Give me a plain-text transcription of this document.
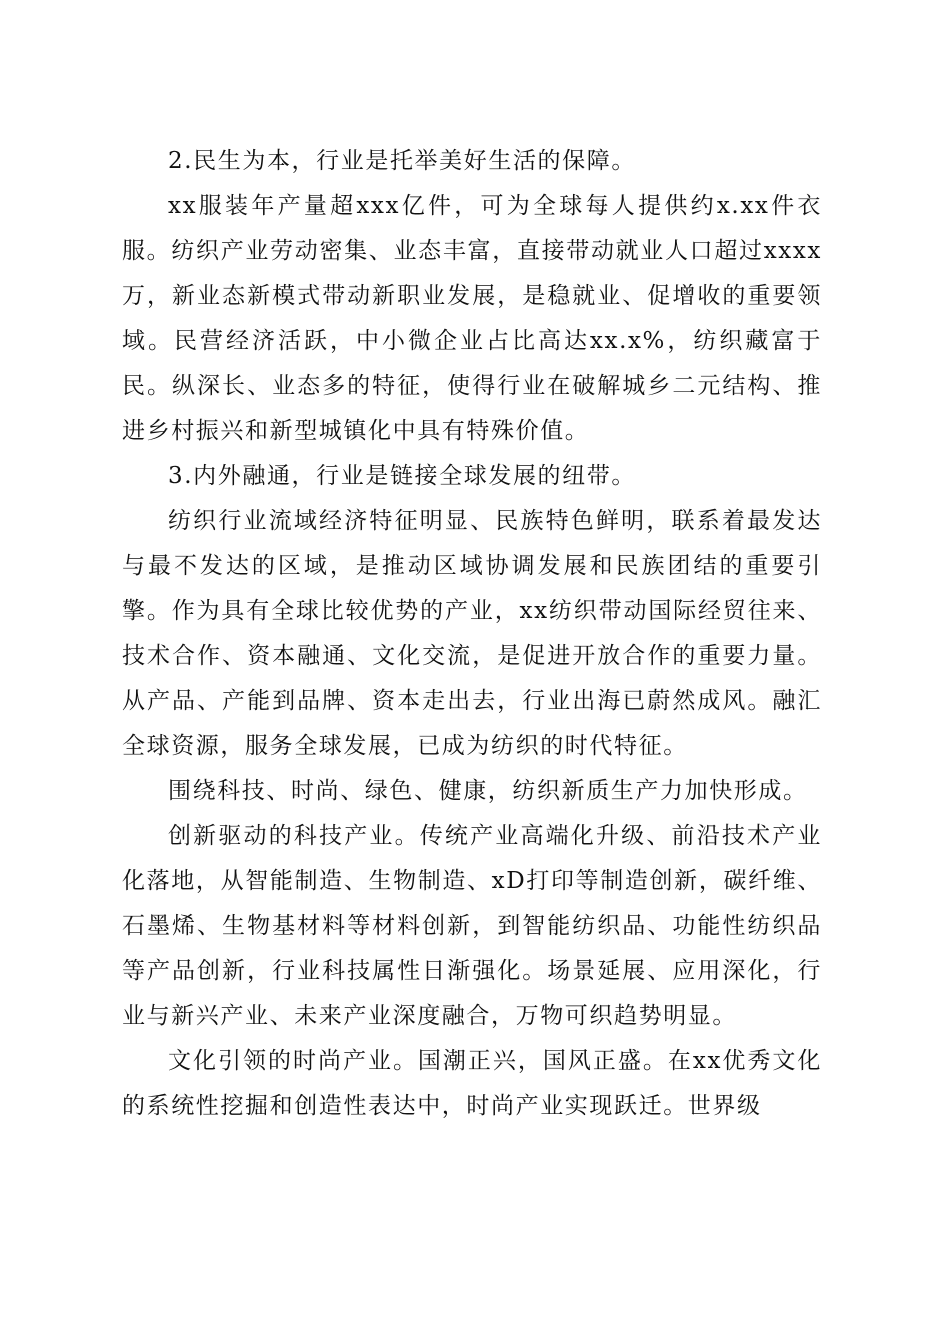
2.民生为本，行业是托举美好生活的保障。

xx服装年产量超xxx亿件，可为全球每人提供约x.xx件衣服。纺织产业劳动密集、业态丰富，直接带动就业人口超过xxxx万，新业态新模式带动新职业发展，是稳就业、促增收的重要领域。民营经济活跃，中小微企业占比高达xx.x%，纺织藏富于民。纵深长、业态多的特征，使得行业在破解城乡二元结构、推进乡村振兴和新型城镇化中具有特殊价值。

3.内外融通，行业是链接全球发展的纽带。

纺织行业流域经济特征明显、民族特色鲜明，联系着最发达与最不发达的区域，是推动区域协调发展和民族团结的重要引擎。作为具有全球比较优势的产业，xx纺织带动国际经贸往来、技术合作、资本融通、文化交流，是促进开放合作的重要力量。从产品、产能到品牌、资本走出去，行业出海已蔚然成风。融汇全球资源，服务全球发展，已成为纺织的时代特征。

围绕科技、时尚、绿色、健康，纺织新质生产力加快形成。

创新驱动的科技产业。传统产业高端化升级、前沿技术产业化落地，从智能制造、生物制造、xD打印等制造创新，碳纤维、石墨烯、生物基材料等材料创新，到智能纺织品、功能性纺织品等产品创新，行业科技属性日渐强化。场景延展、应用深化，行业与新兴产业、未来产业深度融合，万物可织趋势明显。

文化引领的时尚产业。国潮正兴，国风正盛。在xx优秀文化的系统性挖掘和创造性表达中，时尚产业实现跃迁。世界级
